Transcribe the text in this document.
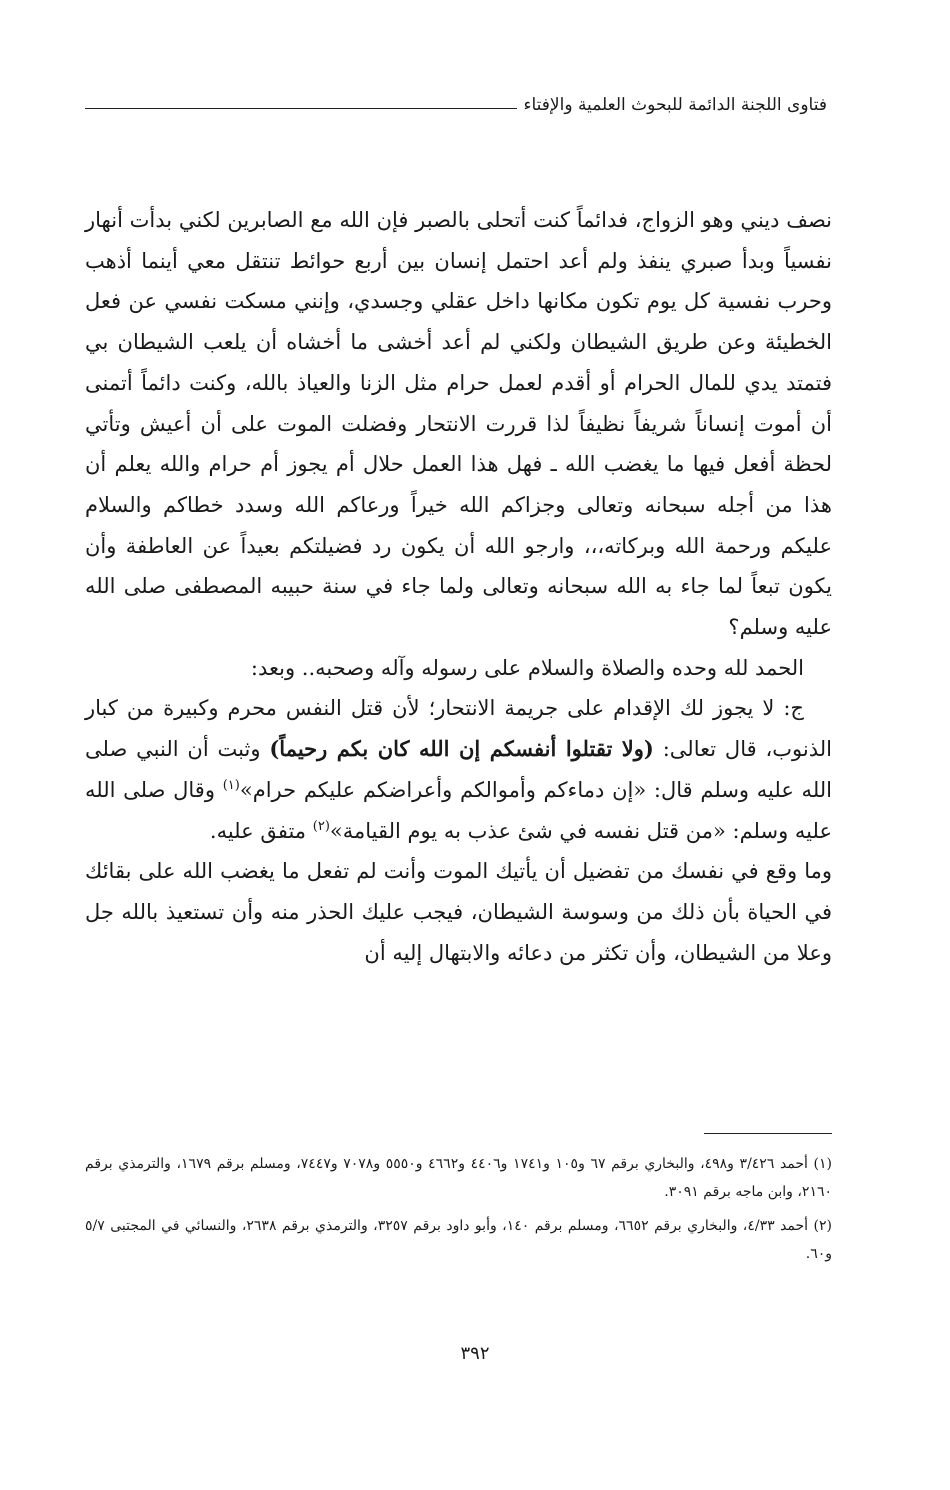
فتاوى اللجنة الدائمة للبحوث العلمية والإفتاء

نصف ديني وهو الزواج، فدائماً كنت أتحلى بالصبر فإن الله مع الصابرين لكني بدأت أنهار نفسياً وبدأ صبري ينفذ ولم أعد احتمل إنسان بين أربع حوائط تنتقل معي أينما أذهب وحرب نفسية كل يوم تكون مكانها داخل عقلي وجسدي، وإنني مسكت نفسي عن فعل الخطيئة وعن طريق الشيطان ولكني لم أعد أخشى ما أخشاه أن يلعب الشيطان بي فتمتد يدي للمال الحرام أو أقدم لعمل حرام مثل الزنا والعياذ بالله، وكنت دائماً أتمنى أن أموت إنساناً شريفاً نظيفاً لذا قررت الانتحار وفضلت الموت على أن أعيش وتأتي لحظة أفعل فيها ما يغضب الله ـ فهل هذا العمل حلال أم يجوز أم حرام والله يعلم أن هذا من أجله سبحانه وتعالى وجزاكم الله خيراً ورعاكم الله وسدد خطاكم والسلام عليكم ورحمة الله وبركاته،،، وارجو الله أن يكون رد فضيلتكم بعيداً عن العاطفة وأن يكون تبعاً لما جاء به الله سبحانه وتعالى ولما جاء في سنة حبيبه المصطفى صلى الله عليه وسلم؟

الحمد لله وحده والصلاة والسلام على رسوله وآله وصحبه.. وبعد:

ج: لا يجوز لك الإقدام على جريمة الانتحار؛ لأن قتل النفس محرم وكبيرة من كبار الذنوب، قال تعالى: (ولا تقتلوا أنفسكم إن الله كان بكم رحيماً) وثبت أن النبي صلى الله عليه وسلم قال: «إن دماءكم وأموالكم وأعراضكم عليكم حرام»$^{(١)}$ وقال صلى الله عليه وسلم: «من قتل نفسه في شئ عذب به يوم القيامة»$^{(٢)}$ متفق عليه.

وما وقع في نفسك من تفضيل أن يأتيك الموت وأنت لم تفعل ما يغضب الله على بقائك في الحياة بأن ذلك من وسوسة الشيطان، فيجب عليك الحذر منه وأن تستعيذ بالله جل وعلا من الشيطان، وأن تكثر من دعائه والابتهال إليه أن

(١) أحمد ٣/٤٢٦ و٤٩٨، والبخاري برقم ٦٧ و١٠٥ و١٧٤١ و٤٤٠٦ و٤٦٦٢ و٥٥٥٠ و٧٠٧٨ و٧٤٤٧، ومسلم برقم ١٦٧٩، والترمذي برقم ٢١٦٠، وابن ماجه برقم ٣٠٩١.

(٢) أحمد ٤/٣٣، والبخاري برقم ٦٦٥٢، ومسلم برقم ١٤٠، وأبو داود برقم ٣٢٥٧، والترمذي برقم ٢٦٣٨، والنسائي في المجتبى ٥/٧ و٦٠.

٣٩٢
